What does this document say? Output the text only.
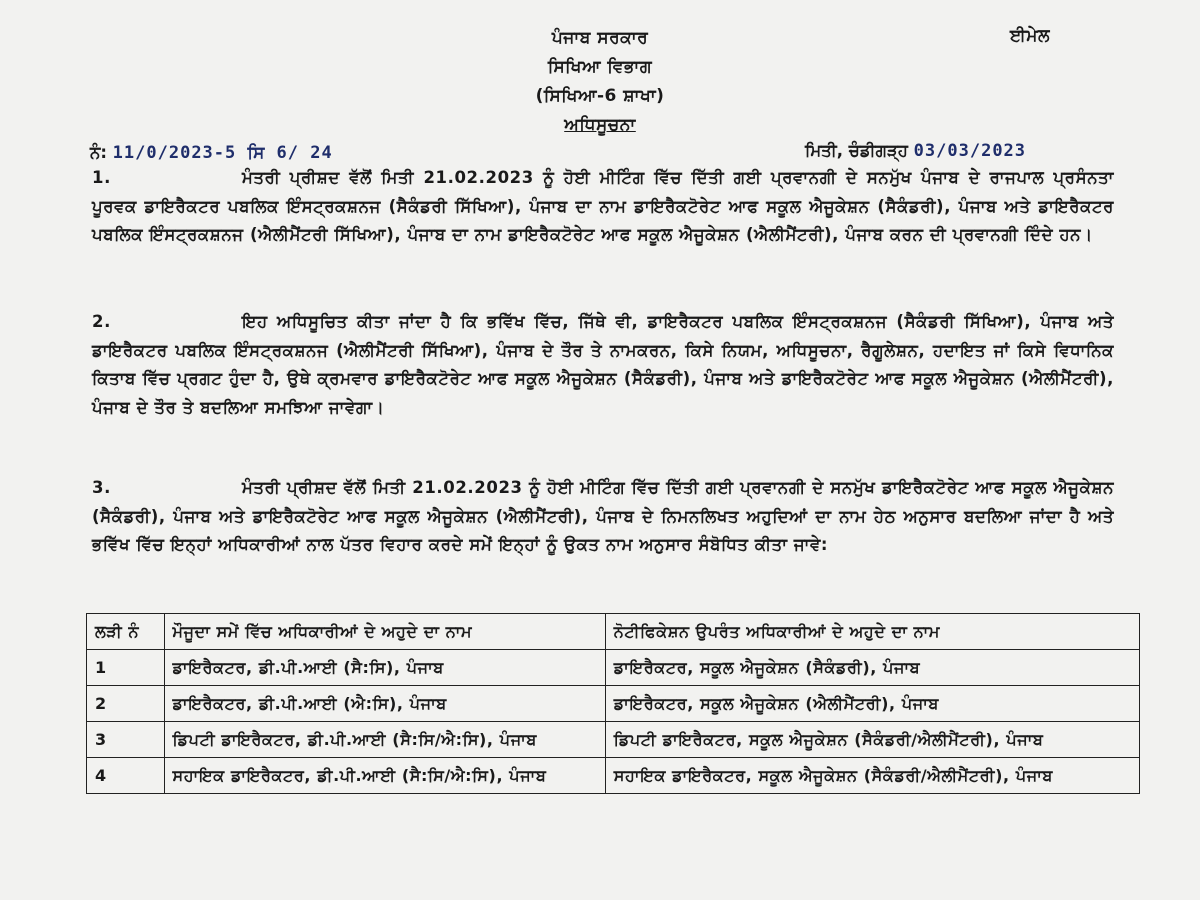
ਈਮੇਲ
ਪੰਜਾਬ ਸਰਕਾਰ
ਸਿਖਿਆ ਵਿਭਾਗ
(ਸਿਖਿਆ-6 ਸ਼ਾਖਾ)
ਅਧਿਸੂਚਨਾ
ਨੰ: 11/0/2023-5 ਸਿ 6/ 24	ਮਿਤੀ, ਚੰਡੀਗੜ੍ਹ 03/03/2023
1.	ਮੰਤਰੀ ਪ੍ਰੀਸ਼ਦ ਵੱਲੋਂ ਮਿਤੀ 21.02.2023 ਨੂੰ ਹੋਈ ਮੀਟਿੰਗ ਵਿੱਚ ਦਿੱਤੀ ਗਈ ਪ੍ਰਵਾਨਗੀ ਦੇ ਸਨਮੁੱਖ ਪੰਜਾਬ ਦੇ ਰਾਜਪਾਲ ਪ੍ਰਸੰਨਤਾ ਪੂਰਵਕ ਡਾਇਰੈਕਟਰ ਪਬਲਿਕ ਇੰਸਟ੍ਰਕਸ਼ਨਜ (ਸੈਕੰਡਰੀ ਸਿੱਖਿਆ), ਪੰਜਾਬ ਦਾ ਨਾਮ ਡਾਇਰੈਕਟੋਰੇਟ ਆਫ ਸਕੂਲ ਐਜੂਕੇਸ਼ਨ (ਸੈਕੰਡਰੀ), ਪੰਜਾਬ ਅਤੇ ਡਾਇਰੈਕਟਰ ਪਬਲਿਕ ਇੰਸਟ੍ਰਕਸ਼ਨਜ (ਐਲੀਮੈਂਟਰੀ ਸਿੱਖਿਆ), ਪੰਜਾਬ ਦਾ ਨਾਮ ਡਾਇਰੈਕਟੋਰੇਟ ਆਫ ਸਕੂਲ ਐਜੂਕੇਸ਼ਨ (ਐਲੀਮੈਂਟਰੀ), ਪੰਜਾਬ ਕਰਨ ਦੀ ਪ੍ਰਵਾਨਗੀ ਦਿੰਦੇ ਹਨ।
2.	ਇਹ ਅਧਿਸੂਚਿਤ ਕੀਤਾ ਜਾਂਦਾ ਹੈ ਕਿ ਭਵਿੱਖ ਵਿੱਚ, ਜਿੱਥੇ ਵੀ, ਡਾਇਰੈਕਟਰ ਪਬਲਿਕ ਇੰਸਟ੍ਰਕਸ਼ਨਜ (ਸੈਕੰਡਰੀ ਸਿੱਖਿਆ), ਪੰਜਾਬ ਅਤੇ ਡਾਇਰੈਕਟਰ ਪਬਲਿਕ ਇੰਸਟ੍ਰਕਸ਼ਨਜ (ਐਲੀਮੈਂਟਰੀ ਸਿੱਖਿਆ), ਪੰਜਾਬ ਦੇ ਤੌਰ ਤੇ ਨਾਮਕਰਨ, ਕਿਸੇ ਨਿਯਮ, ਅਧਿਸੂਚਨਾ, ਰੈਗੂਲੇਸ਼ਨ, ਹਦਾਇਤ ਜਾਂ ਕਿਸੇ ਵਿਧਾਨਿਕ ਕਿਤਾਬ ਵਿੱਚ ਪ੍ਰਗਟ ਹੁੰਦਾ ਹੈ, ਉਥੇ ਕ੍ਰਮਵਾਰ ਡਾਇਰੈਕਟੋਰੇਟ ਆਫ ਸਕੂਲ ਐਜੂਕੇਸ਼ਨ (ਸੈਕੰਡਰੀ), ਪੰਜਾਬ ਅਤੇ ਡਾਇਰੈਕਟੋਰੇਟ ਆਫ ਸਕੂਲ ਐਜੂਕੇਸ਼ਨ (ਐਲੀਮੈਂਟਰੀ), ਪੰਜਾਬ ਦੇ ਤੌਰ ਤੇ ਬਦਲਿਆ ਸਮਝਿਆ ਜਾਵੇਗਾ।
3.	ਮੰਤਰੀ ਪ੍ਰੀਸ਼ਦ ਵੱਲੋਂ ਮਿਤੀ 21.02.2023 ਨੂੰ ਹੋਈ ਮੀਟਿੰਗ ਵਿੱਚ ਦਿੱਤੀ ਗਈ ਪ੍ਰਵਾਨਗੀ ਦੇ ਸਨਮੁੱਖ ਡਾਇਰੈਕਟੋਰੇਟ ਆਫ ਸਕੂਲ ਐਜੂਕੇਸ਼ਨ (ਸੈਕੰਡਰੀ), ਪੰਜਾਬ ਅਤੇ ਡਾਇਰੈਕਟੋਰੇਟ ਆਫ ਸਕੂਲ ਐਜੂਕੇਸ਼ਨ (ਐਲੀਮੈਂਟਰੀ), ਪੰਜਾਬ ਦੇ ਨਿਮਨਲਿਖਤ ਅਹੁਦਿਆਂ ਦਾ ਨਾਮ ਹੇਠ ਅਨੁਸਾਰ ਬਦਲਿਆ ਜਾਂਦਾ ਹੈ ਅਤੇ ਭਵਿੱਖ ਵਿੱਚ ਇਨ੍ਹਾਂ ਅਧਿਕਾਰੀਆਂ ਨਾਲ ਪੱਤਰ ਵਿਹਾਰ ਕਰਦੇ ਸਮੇਂ ਇਨ੍ਹਾਂ ਨੂੰ ਉਕਤ ਨਾਮ ਅਨੁਸਾਰ ਸੰਬੋਧਿਤ ਕੀਤਾ ਜਾਵੇ:
ਲੜੀ ਨੰ	ਮੌਜੂਦਾ ਸਮੇਂ ਵਿੱਚ ਅਧਿਕਾਰੀਆਂ ਦੇ ਅਹੁਦੇ ਦਾ ਨਾਮ	ਨੋਟੀਫਿਕੇਸ਼ਨ ਉਪਰੰਤ ਅਧਿਕਾਰੀਆਂ ਦੇ ਅਹੁਦੇ ਦਾ ਨਾਮ
1	ਡਾਇਰੈਕਟਰ, ਡੀ.ਪੀ.ਆਈ (ਸੈ:ਸਿ), ਪੰਜਾਬ	ਡਾਇਰੈਕਟਰ, ਸਕੂਲ ਐਜੂਕੇਸ਼ਨ (ਸੈਕੰਡਰੀ), ਪੰਜਾਬ
2	ਡਾਇਰੈਕਟਰ, ਡੀ.ਪੀ.ਆਈ (ਐ:ਸਿ), ਪੰਜਾਬ	ਡਾਇਰੈਕਟਰ, ਸਕੂਲ ਐਜੂਕੇਸ਼ਨ (ਐਲੀਮੈਂਟਰੀ), ਪੰਜਾਬ
3	ਡਿਪਟੀ ਡਾਇਰੈਕਟਰ, ਡੀ.ਪੀ.ਆਈ (ਸੈ:ਸਿ/ਐ:ਸਿ), ਪੰਜਾਬ	ਡਿਪਟੀ ਡਾਇਰੈਕਟਰ, ਸਕੂਲ ਐਜੂਕੇਸ਼ਨ (ਸੈਕੰਡਰੀ/ਐਲੀਮੈਂਟਰੀ), ਪੰਜਾਬ
4	ਸਹਾਇਕ ਡਾਇਰੈਕਟਰ, ਡੀ.ਪੀ.ਆਈ (ਸੈ:ਸਿ/ਐ:ਸਿ), ਪੰਜਾਬ	ਸਹਾਇਕ ਡਾਇਰੈਕਟਰ, ਸਕੂਲ ਐਜੂਕੇਸ਼ਨ (ਸੈਕੰਡਰੀ/ਐਲੀਮੈਂਟਰੀ), ਪੰਜਾਬ
